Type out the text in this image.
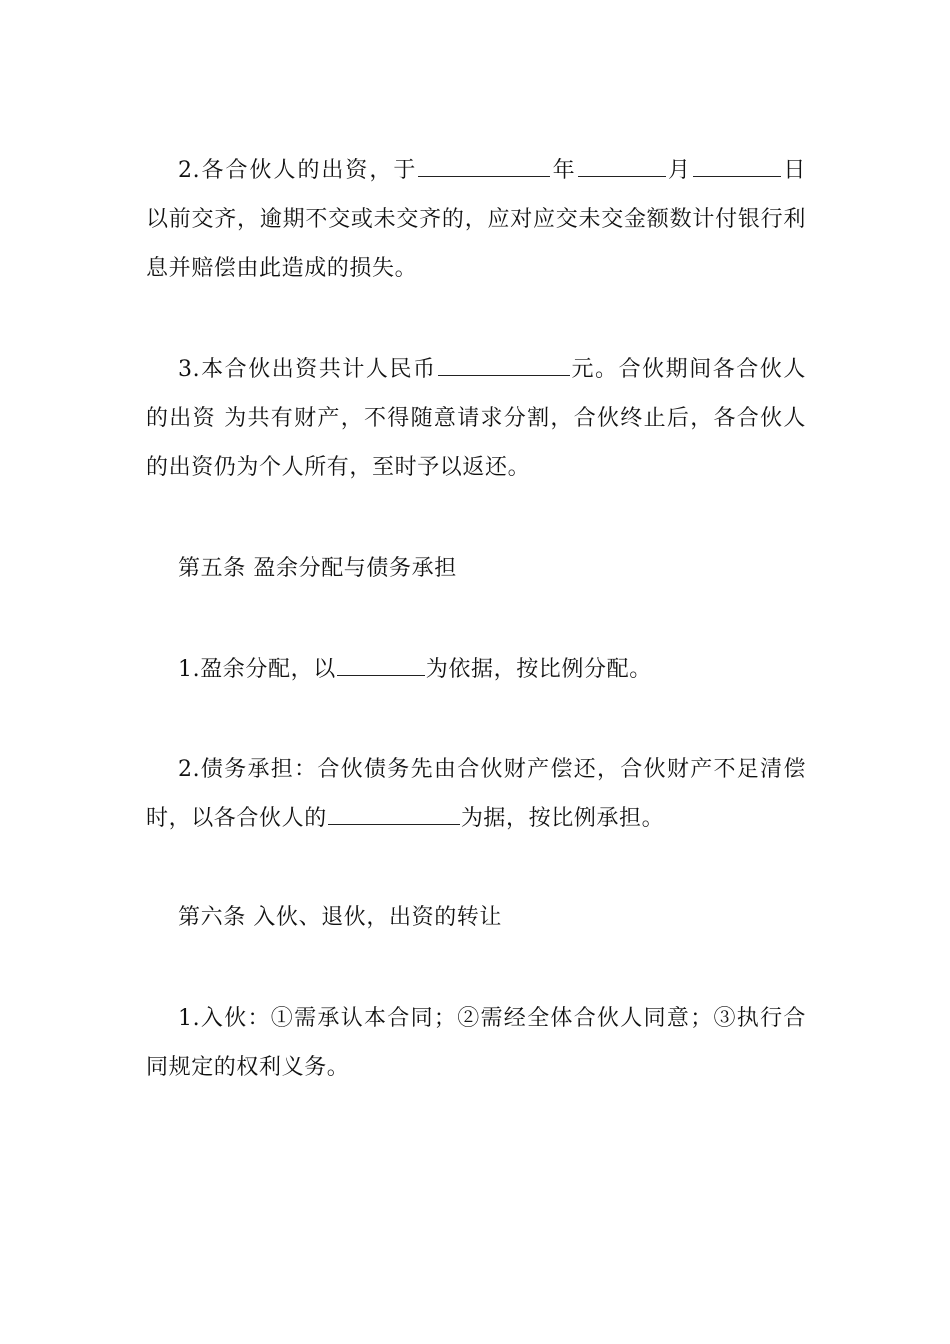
2.各合伙人的出资，于	年	月	日以前交齐，逾期不交或未交齐的，应对应交未交金额数计付银行利息并赔偿由此造成的损失。

3.本合伙出资共计人民币	元。合伙期间各合伙人的出资 为共有财产，不得随意请求分割，合伙终止后，各合伙人的出资仍为个人所有，至时予以返还。

第五条 盈余分配与债务承担

1.盈余分配，以	为依据，按比例分配。

2.债务承担：合伙债务先由合伙财产偿还，合伙财产不足清偿时，以各合伙人的	为据，按比例承担。

第六条 入伙、退伙，出资的转让

1.入伙：①需承认本合同；②需经全体合伙人同意；③执行合同规定的权利义务。
